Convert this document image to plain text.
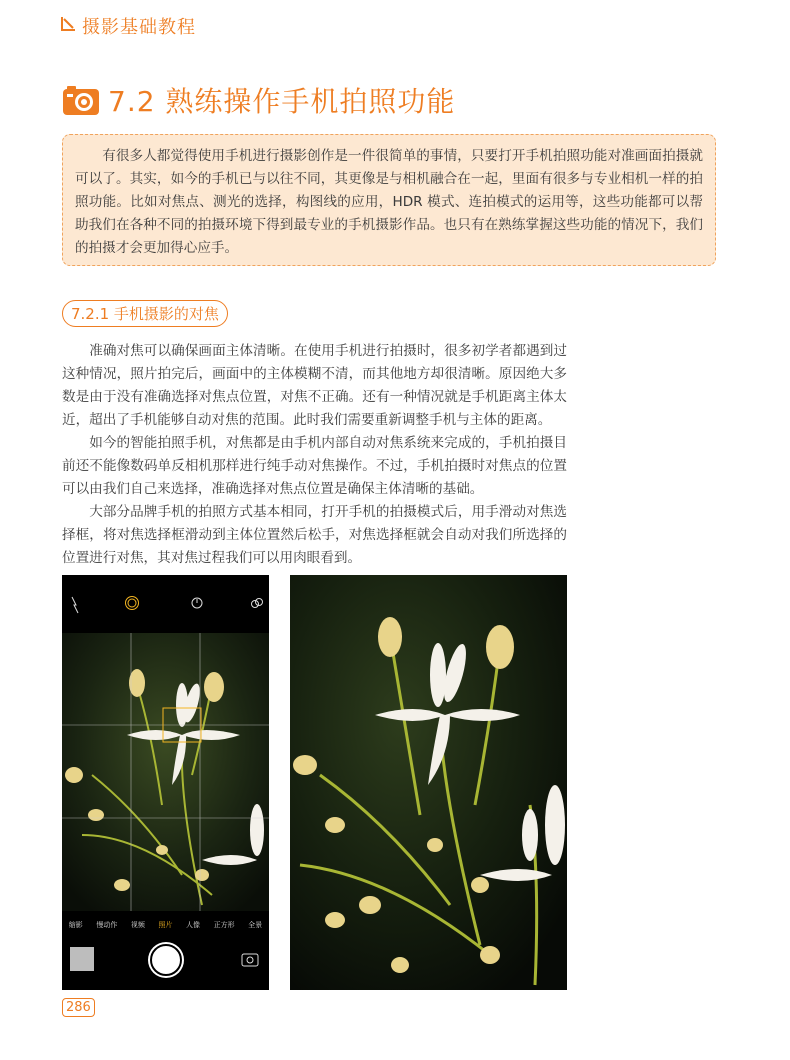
摄影基础教程
7.2 熟练操作手机拍照功能

有很多人都觉得使用手机进行摄影创作是一件很简单的事情，只要打开手机拍照功能对准画面拍摄就可以了。其实，如今的手机已与以往不同，其更像是与相机融合在一起，里面有很多与专业相机一样的拍照功能。比如对焦点、测光的选择，构图线的应用，HDR 模式、连拍模式的运用等，这些功能都可以帮助我们在各种不同的拍摄环境下得到最专业的手机摄影作品。也只有在熟练掌握这些功能的情况下，我们的拍摄才会更加得心应手。

7.2.1 手机摄影的对焦

准确对焦可以确保画面主体清晰。在使用手机进行拍摄时，很多初学者都遇到过这种情况，照片拍完后，画面中的主体模糊不清，而其他地方却很清晰。原因绝大多数是由于没有准确选择对焦点位置，对焦不正确。还有一种情况就是手机距离主体太近，超出了手机能够自动对焦的范围。此时我们需要重新调整手机与主体的距离。

如今的智能拍照手机，对焦都是由手机内部自动对焦系统来完成的，手机拍摄目前还不能像数码单反相机那样进行纯手动对焦操作。不过，手机拍摄时对焦点的位置可以由我们自己来选择，准确选择对焦点位置是确保主体清晰的基础。

大部分品牌手机的拍照方式基本相同，打开手机的拍摄模式后，用手滑动对焦选择框，将对焦选择框滑动到主体位置然后松手，对焦选择框就会自动对我们所选择的位置进行对焦，其对焦过程我们可以用肉眼看到。

缩影 慢动作 视频 照片 人像 正方形 全景
286
